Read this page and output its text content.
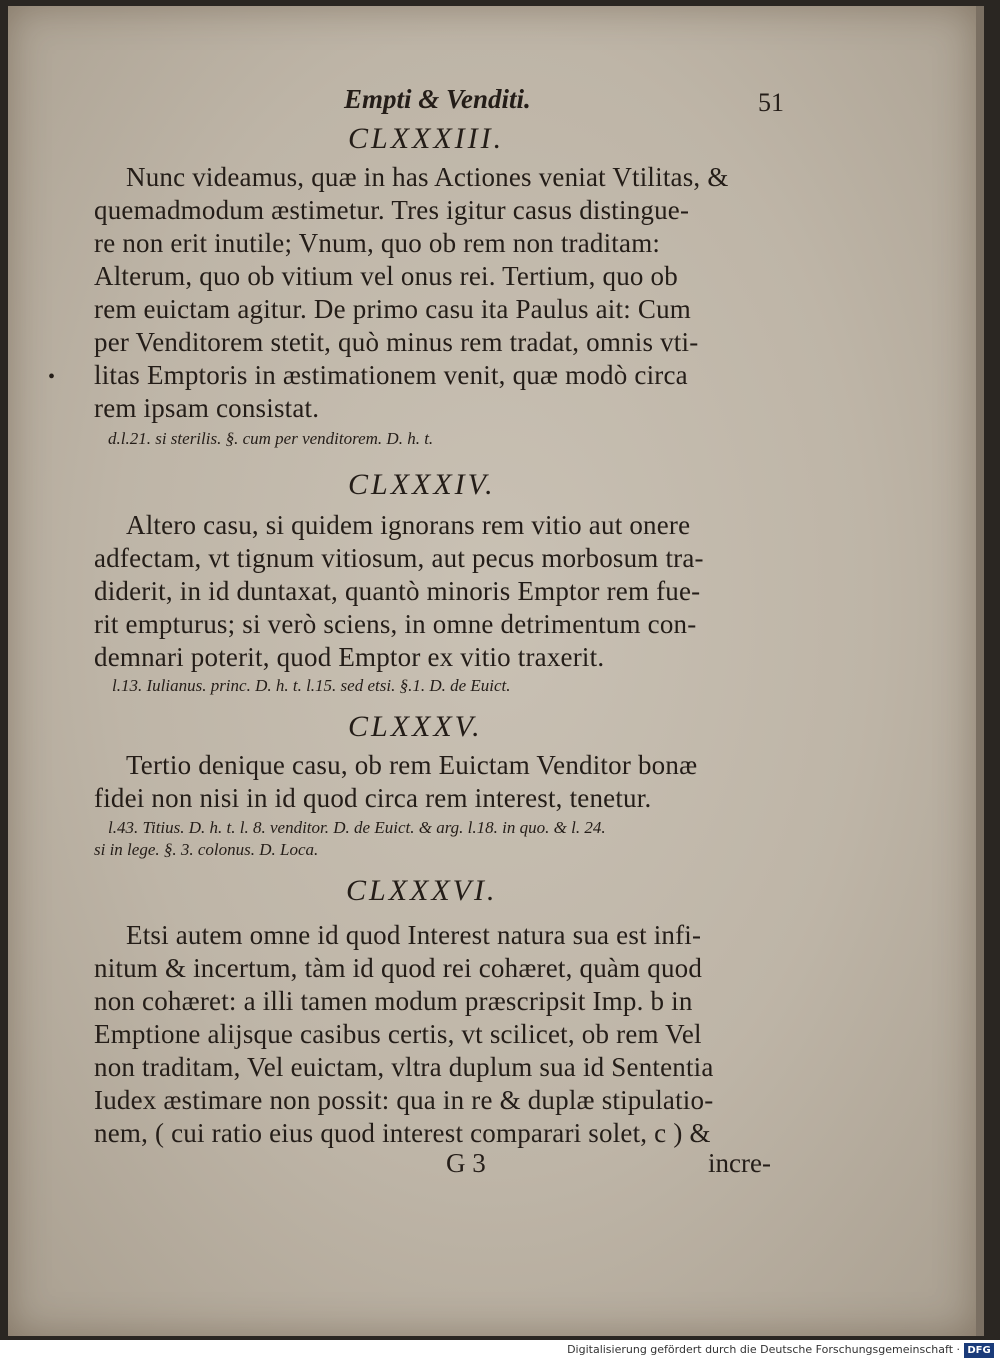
Empti & Venditi.	51
CLXXXIII.
Nunc videamus, quæ in has Actiones veniat Vtilitas, &
quemadmodum æstimetur. Tres igitur casus distingue-
re non erit inutile; Vnum, quo ob rem non traditam:
Alterum, quo ob vitium vel onus rei. Tertium, quo ob
rem euictam agitur. De primo casu ita Paulus ait: Cum
per Venditorem stetit, quò minus rem tradat, omnis vti-
litas Emptoris in æstimationem venit, quæ modò circa
rem ipsam consistat.
d.l.21. si sterilis. §. cum per venditorem. D. h. t.
•
CLXXXIV.
Altero casu, si quidem ignorans rem vitio aut onere
adfectam, vt tignum vitiosum, aut pecus morbosum tra-
diderit, in id duntaxat, quantò minoris Emptor rem fue-
rit empturus; si verò sciens, in omne detrimentum con-
demnari poterit, quod Emptor ex vitio traxerit.
l.13. Iulianus. princ. D. h. t. l.15. sed etsi. §.1. D. de Euict.
CLXXXV.
Tertio denique casu, ob rem Euictam Venditor bonæ
fidei non nisi in id quod circa rem interest, tenetur.
l.43. Titius. D. h. t. l. 8. venditor. D. de Euict. & arg. l.18. in quo. & l. 24.
si in lege. §. 3. colonus. D. Loca.
CLXXXVI.
Etsi autem omne id quod Interest natura sua est infi-
nitum & incertum, tàm id quod rei cohæret, quàm quod
non cohæret: a illi tamen modum præscripsit Imp. b in
Emptione alijsque casibus certis, vt scilicet, ob rem Vel
non traditam, Vel euictam, vltra duplum sua id Sententia
Iudex æstimare non possit: qua in re & duplæ stipulatio-
nem, ( cui ratio eius quod interest comparari solet, c ) &
G 3	incre-
Digitalisierung gefördert durch die Deutsche Forschungsgemeinschaft · DFG
